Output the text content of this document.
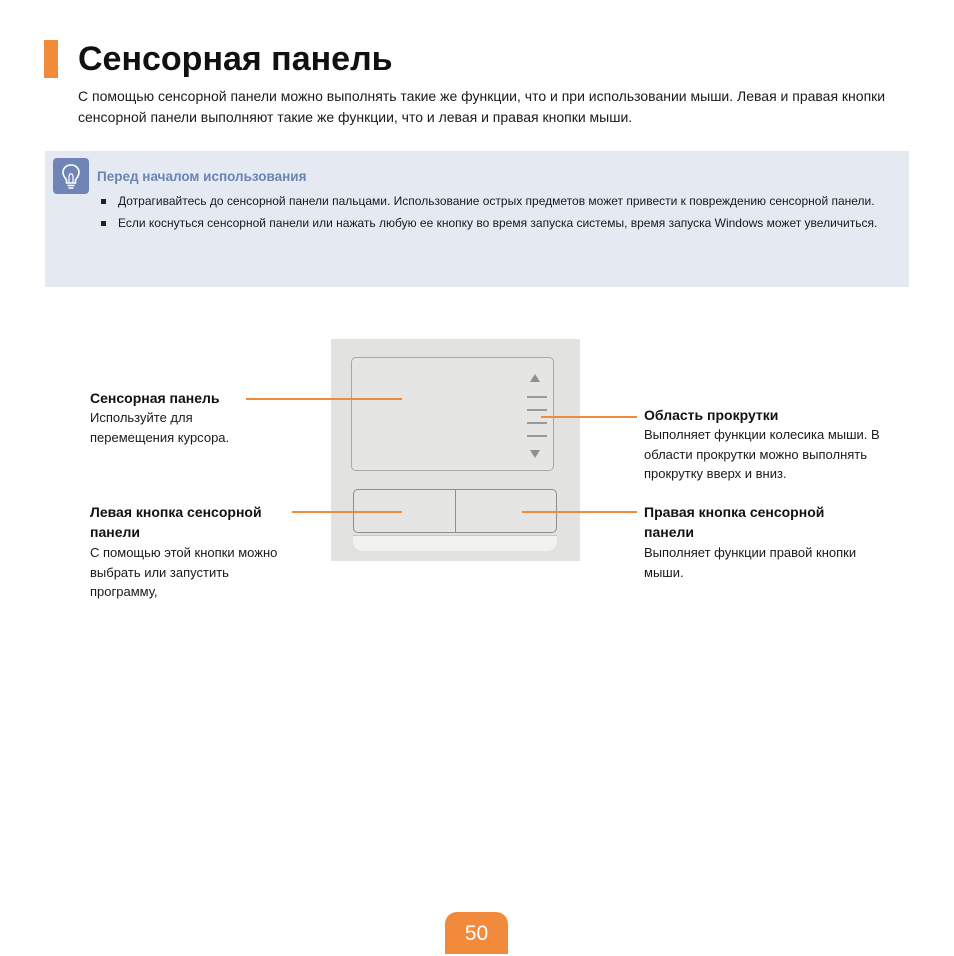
Сенсорная панель

С помощью сенсорной панели можно выполнять такие же функции, что и при использовании мыши. Левая и правая кнопки сенсорной панели выполняют такие же функции, что и левая и правая кнопки мыши.

Перед началом использования
Дотрагивайтесь до сенсорной панели пальцами. Использование острых предметов может привести к повреждению сенсорной панели.
Если коснуться сенсорной панели или нажать любую ее кнопку во время запуска системы, время запуска Windows может увеличиться.
Сенсорная панель
Используйте для перемещения курсора.
Область прокрутки
Выполняет функции колесика мыши. В области прокрутки можно выполнять прокрутку вверх и вниз.
Левая кнопка сенсорной панели
С помощью этой кнопки можно выбрать или запустить программу,
Правая кнопка сенсорной панели
Выполняет функции правой кнопки мыши.
50
